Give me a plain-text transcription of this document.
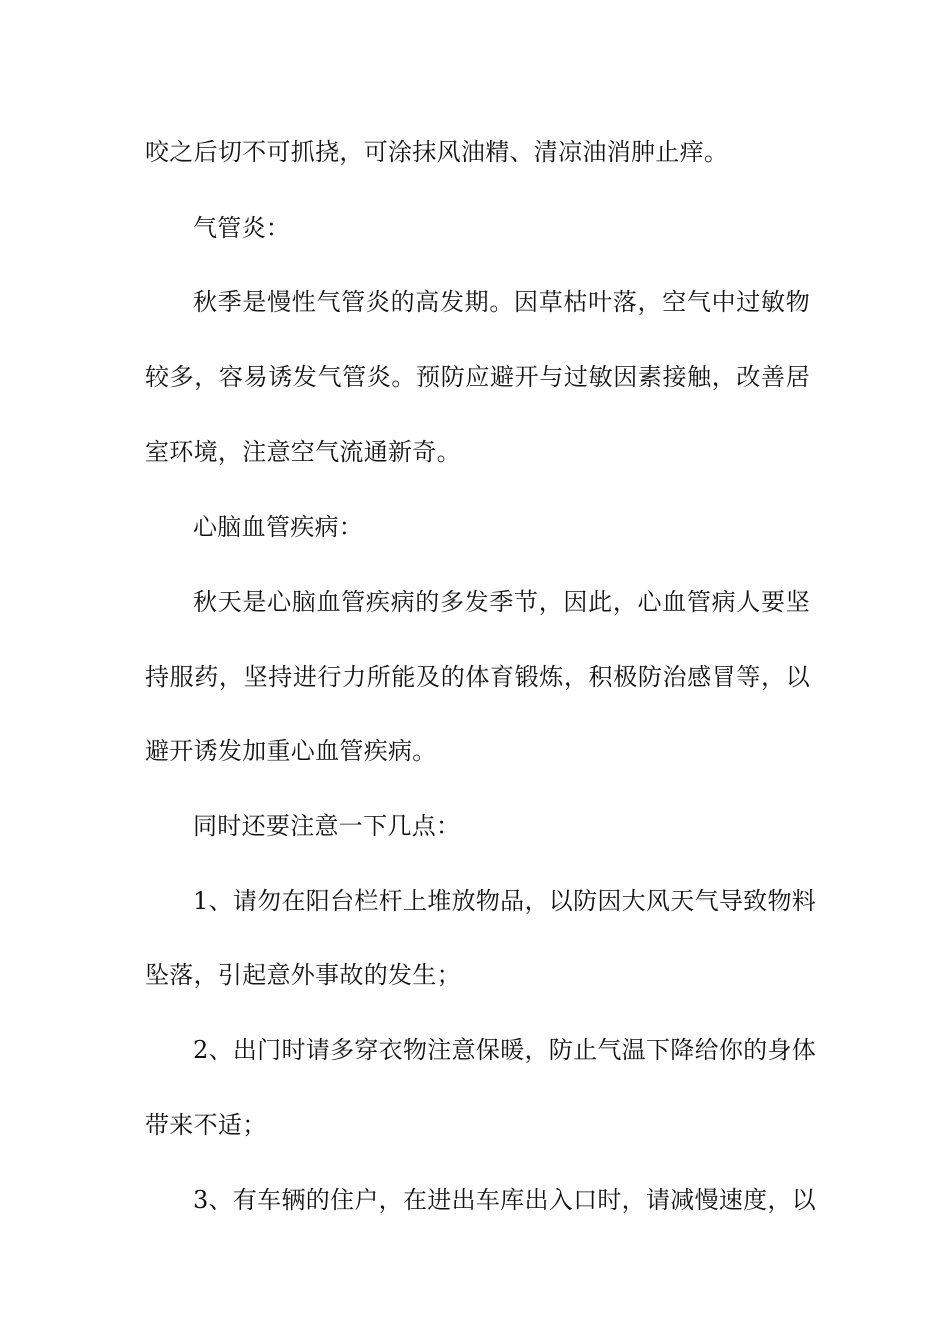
咬之后切不可抓挠，可涂抹风油精、清凉油消肿止痒。
气管炎：
秋季是慢性气管炎的高发期。因草枯叶落，空气中过敏物
较多，容易诱发气管炎。预防应避开与过敏因素接触，改善居
室环境，注意空气流通新奇。
心脑血管疾病：
秋天是心脑血管疾病的多发季节，因此，心血管病人要坚
持服药，坚持进行力所能及的体育锻炼，积极防治感冒等，以
避开诱发加重心血管疾病。
同时还要注意一下几点：
1、请勿在阳台栏杆上堆放物品，以防因大风天气导致物料
坠落，引起意外事故的发生；
2、出门时请多穿衣物注意保暖，防止气温下降给你的身体
带来不适；
3、有车辆的住户，在进出车库出入口时，请减慢速度，以
